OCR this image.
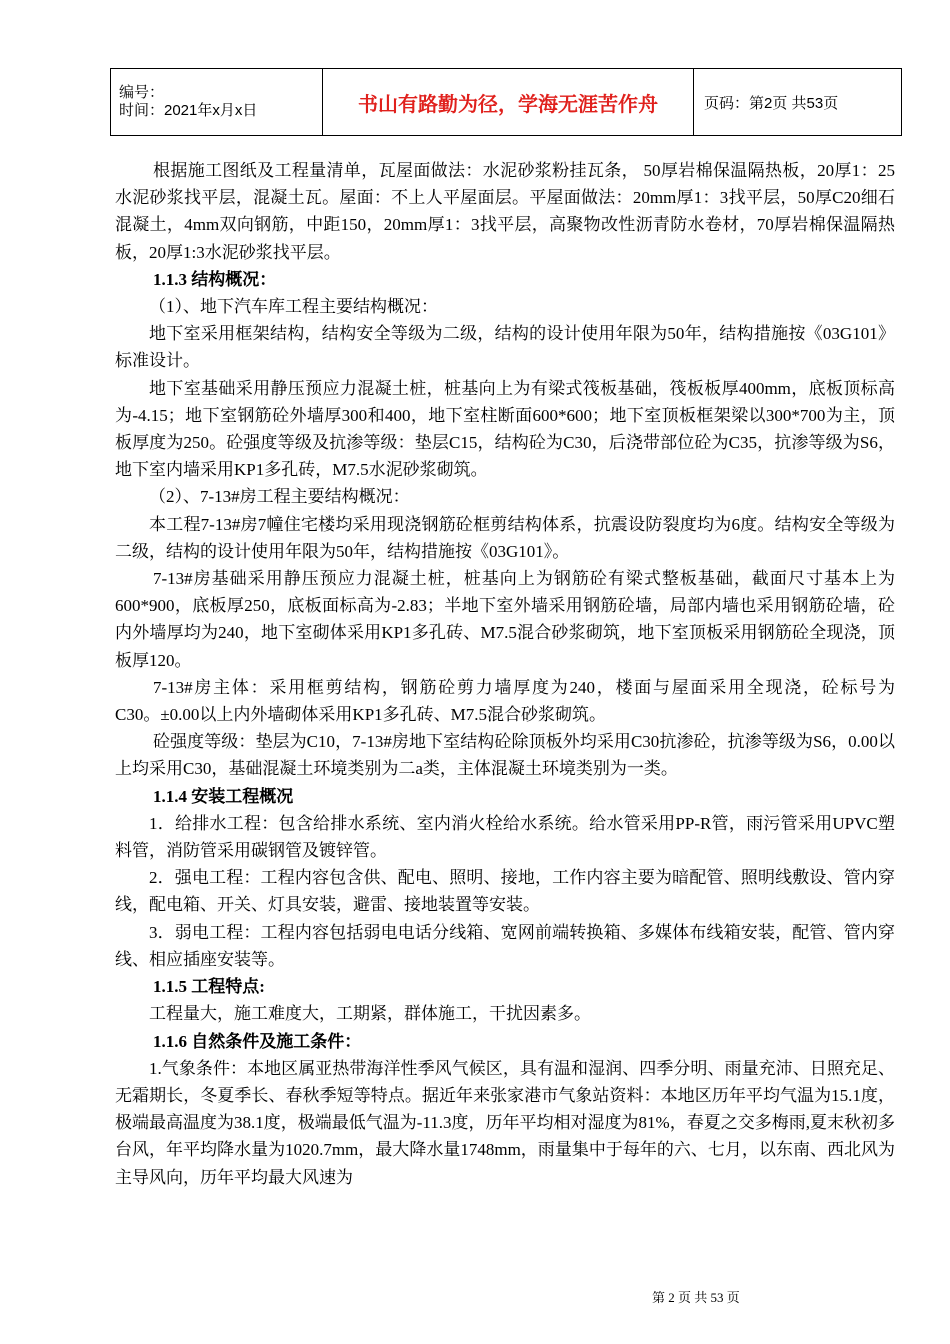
编号：
时间：2021年x月x日	书山有路勤为径，学海无涯苦作舟	页码：第2页 共53页

根据施工图纸及工程量清单，瓦屋面做法：水泥砂浆粉挂瓦条， 50厚岩棉保温隔热板，20厚1：25水泥砂浆找平层，混凝土瓦。屋面：不上人平屋面层。平屋面做法：20mm厚1：3找平层，50厚C20细石混凝土，4mm双向钢筋，中距150，20mm厚1：3找平层，高聚物改性沥青防水卷材，70厚岩棉保温隔热板，20厚1:3水泥砂浆找平层。

1.1.3 结构概况：

（1）、地下汽车库工程主要结构概况：

地下室采用框架结构，结构安全等级为二级，结构的设计使用年限为50年，结构措施按《03G101》标准设计。

地下室基础采用静压预应力混凝土桩，桩基向上为有梁式筏板基础，筏板板厚400mm，底板顶标高为-4.15；地下室钢筋砼外墙厚300和400，地下室柱断面600*600；地下室顶板框架梁以300*700为主，顶板厚度为250。砼强度等级及抗渗等级：垫层C15，结构砼为C30，后浇带部位砼为C35，抗渗等级为S6，地下室内墙采用KP1多孔砖，M7.5水泥砂浆砌筑。

（2）、7-13#房工程主要结构概况：

本工程7-13#房7幢住宅楼均采用现浇钢筋砼框剪结构体系，抗震设防裂度均为6度。结构安全等级为二级，结构的设计使用年限为50年，结构措施按《03G101》。

7-13#房基础采用静压预应力混凝土桩，桩基向上为钢筋砼有梁式整板基础，截面尺寸基本上为600*900，底板厚250，底板面标高为-2.83；半地下室外墙采用钢筋砼墙，局部内墙也采用钢筋砼墙，砼内外墙厚均为240，地下室砌体采用KP1多孔砖、M7.5混合砂浆砌筑，地下室顶板采用钢筋砼全现浇，顶板厚120。

7-13#房主体：采用框剪结构，钢筋砼剪力墙厚度为240，楼面与屋面采用全现浇，砼标号为C30。±0.00以上内外墙砌体采用KP1多孔砖、M7.5混合砂浆砌筑。

砼强度等级：垫层为C10，7-13#房地下室结构砼除顶板外均采用C30抗渗砼，抗渗等级为S6，0.00以上均采用C30，基础混凝土环境类别为二a类，主体混凝土环境类别为一类。

1.1.4 安装工程概况

1．给排水工程：包含给排水系统、室内消火栓给水系统。给水管采用PP-R管，雨污管采用UPVC塑料管，消防管采用碳钢管及镀锌管。

2．强电工程：工程内容包含供、配电、照明、接地，工作内容主要为暗配管、照明线敷设、管内穿线，配电箱、开关、灯具安装，避雷、接地装置等安装。

3．弱电工程：工程内容包括弱电电话分线箱、宽网前端转换箱、多媒体布线箱安装，配管、管内穿线、相应插座安装等。

1.1.5 工程特点:

工程量大，施工难度大，工期紧，群体施工，干扰因素多。

1.1.6 自然条件及施工条件：

1.气象条件：本地区属亚热带海洋性季风气候区，具有温和湿润、四季分明、雨量充沛、日照充足、无霜期长，冬夏季长、春秋季短等特点。据近年来张家港市气象站资料：本地区历年平均气温为15.1度，极端最高温度为38.1度，极端最低气温为-11.3度，历年平均相对湿度为81%，春夏之交多梅雨,夏末秋初多台风，年平均降水量为1020.7mm，最大降水量1748mm，雨量集中于每年的六、七月，以东南、西北风为主导风向，历年平均最大风速为

第 2 页 共 53 页
